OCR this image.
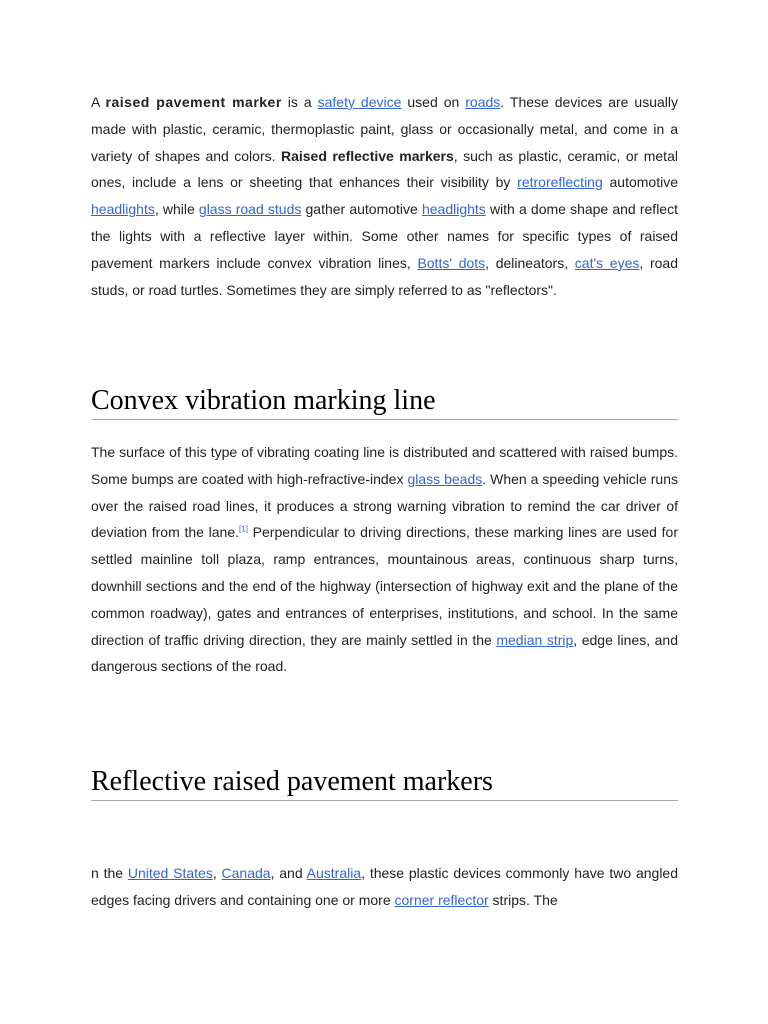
A raised pavement marker is a safety device used on roads. These devices are usually made with plastic, ceramic, thermoplastic paint, glass or occasionally metal, and come in a variety of shapes and colors. Raised reflective markers, such as plastic, ceramic, or metal ones, include a lens or sheeting that enhances their visibility by retroreflecting automotive headlights, while glass road studs gather automotive headlights with a dome shape and reflect the lights with a reflective layer within. Some other names for specific types of raised pavement markers include convex vibration lines, Botts' dots, delineators, cat's eyes, road studs, or road turtles. Sometimes they are simply referred to as "reflectors".

Convex vibration marking line

The surface of this type of vibrating coating line is distributed and scattered with raised bumps. Some bumps are coated with high-refractive-index glass beads. When a speeding vehicle runs over the raised road lines, it produces a strong warning vibration to remind the car driver of deviation from the lane.[1] Perpendicular to driving directions, these marking lines are used for settled mainline toll plaza, ramp entrances, mountainous areas, continuous sharp turns, downhill sections and the end of the highway (intersection of highway exit and the plane of the common roadway), gates and entrances of enterprises, institutions, and school. In the same direction of traffic driving direction, they are mainly settled in the median strip, edge lines, and dangerous sections of the road.

Reflective raised pavement markers

n the United States, Canada, and Australia, these plastic devices commonly have two angled edges facing drivers and containing one or more corner reflector strips. The
